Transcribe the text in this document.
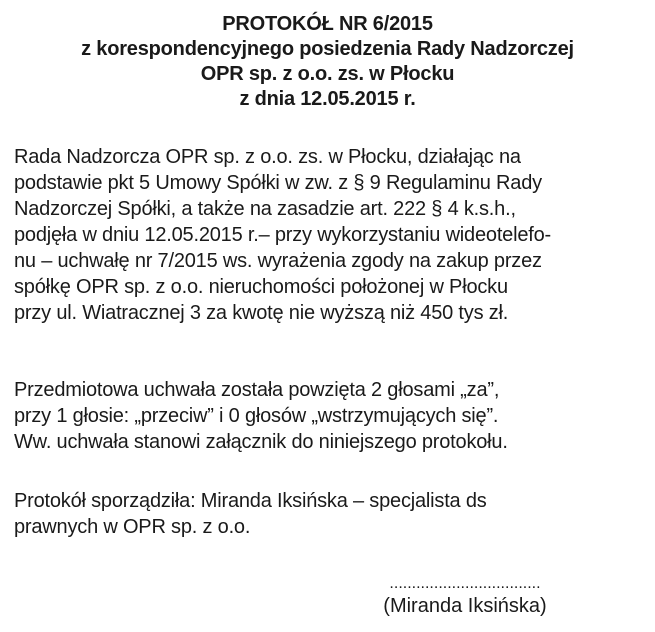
PROTOKÓŁ NR 6/2015
z korespondencyjnego posiedzenia Rady Nadzorczej
OPR sp. z o.o. zs. w Płocku
z dnia 12.05.2015 r.
Rada Nadzorcza OPR sp. z o.o. zs. w Płocku, działając na
podstawie pkt 5 Umowy Spółki w zw. z § 9 Regulaminu Rady
Nadzorczej Spółki, a także na zasadzie art. 222 § 4 k.s.h.,
podjęła w dniu 12.05.2015 r.– przy wykorzystaniu wideotelefo-
nu – uchwałę nr 7/2015 ws. wyrażenia zgody na zakup przez
spółkę OPR sp. z o.o. nieruchomości położonej w Płocku
przy ul. Wiatracznej 3 za kwotę nie wyższą niż 450 tys zł.
Przedmiotowa uchwała została powzięta 2 głosami „za”,
przy 1 głosie: „przeciw” i 0 głosów „wstrzymujących się”.
Ww. uchwała stanowi załącznik do niniejszego protokołu.
Protokół sporządziła: Miranda Iksińska – specjalista ds
prawnych w OPR sp. z o.o.
..................................
(Miranda Iksińska)
